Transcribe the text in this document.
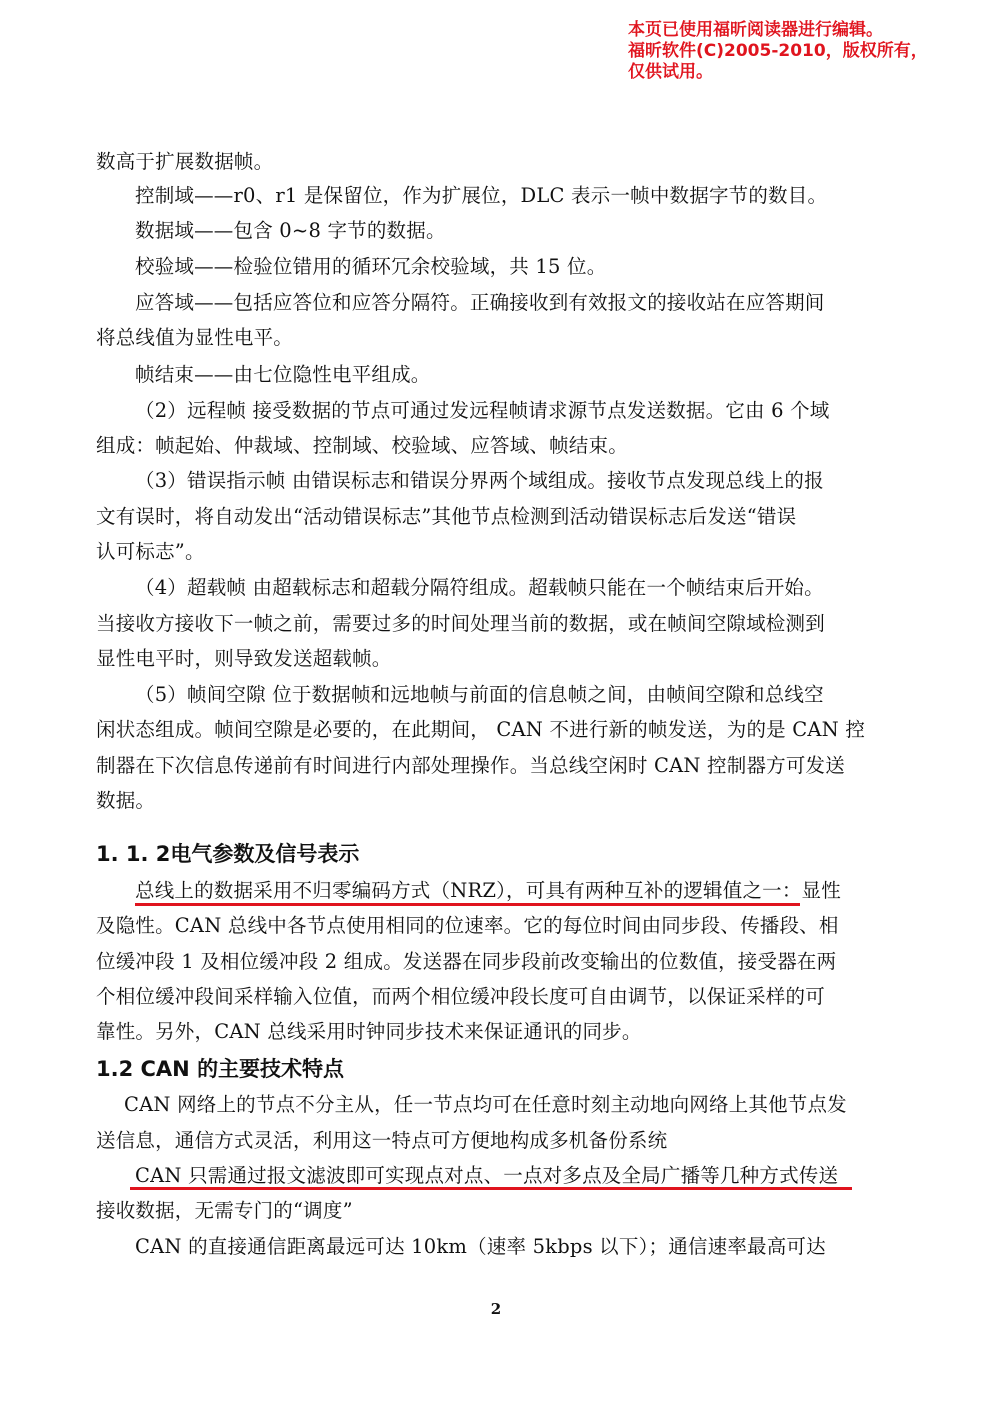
本页已使用福昕阅读器进行编辑。
福昕软件(C)2005-2010，版权所有，
仅供试用。
数高于扩展数据帧。
控制域——r0、r1 是保留位，作为扩展位，DLC 表示一帧中数据字节的数目。
数据域——包含 0~8 字节的数据。
校验域——检验位错用的循环冗余校验域，共 15 位。
应答域——包括应答位和应答分隔符。正确接收到有效报文的接收站在应答期间
将总线值为显性电平。
帧结束——由七位隐性电平组成。
（2）远程帧 接受数据的节点可通过发远程帧请求源节点发送数据。它由 6 个域
组成：帧起始、仲裁域、控制域、校验域、应答域、帧结束。
（3）错误指示帧 由错误标志和错误分界两个域组成。接收节点发现总线上的报
文有误时，将自动发出“活动错误标志”其他节点检测到活动错误标志后发送“错误
认可标志”。
（4）超载帧 由超载标志和超载分隔符组成。超载帧只能在一个帧结束后开始。
当接收方接收下一帧之前，需要过多的时间处理当前的数据，或在帧间空隙域检测到
显性电平时，则导致发送超载帧。
（5）帧间空隙 位于数据帧和远地帧与前面的信息帧之间，由帧间空隙和总线空
闲状态组成。帧间空隙是必要的，在此期间， CAN 不进行新的帧发送，为的是 CAN 控
制器在下次信息传递前有时间进行内部处理操作。当总线空闲时 CAN 控制器方可发送
数据。
1. 1. 2电气参数及信号表示
总线上的数据采用不归零编码方式（NRZ），可具有两种互补的逻辑值之一：显性
及隐性。CAN 总线中各节点使用相同的位速率。它的每位时间由同步段、传播段、相
位缓冲段 1 及相位缓冲段 2 组成。发送器在同步段前改变输出的位数值，接受器在两
个相位缓冲段间采样输入位值，而两个相位缓冲段长度可自由调节，以保证采样的可
靠性。另外，CAN 总线采用时钟同步技术来保证通讯的同步。
1.2 CAN 的主要技术特点
CAN 网络上的节点不分主从，任一节点均可在任意时刻主动地向网络上其他节点发
送信息，通信方式灵活，利用这一特点可方便地构成多机备份系统
CAN 只需通过报文滤波即可实现点对点、一点对多点及全局广播等几种方式传送
接收数据，无需专门的“调度”
CAN 的直接通信距离最远可达 10km（速率 5kbps 以下）；通信速率最高可达
2
